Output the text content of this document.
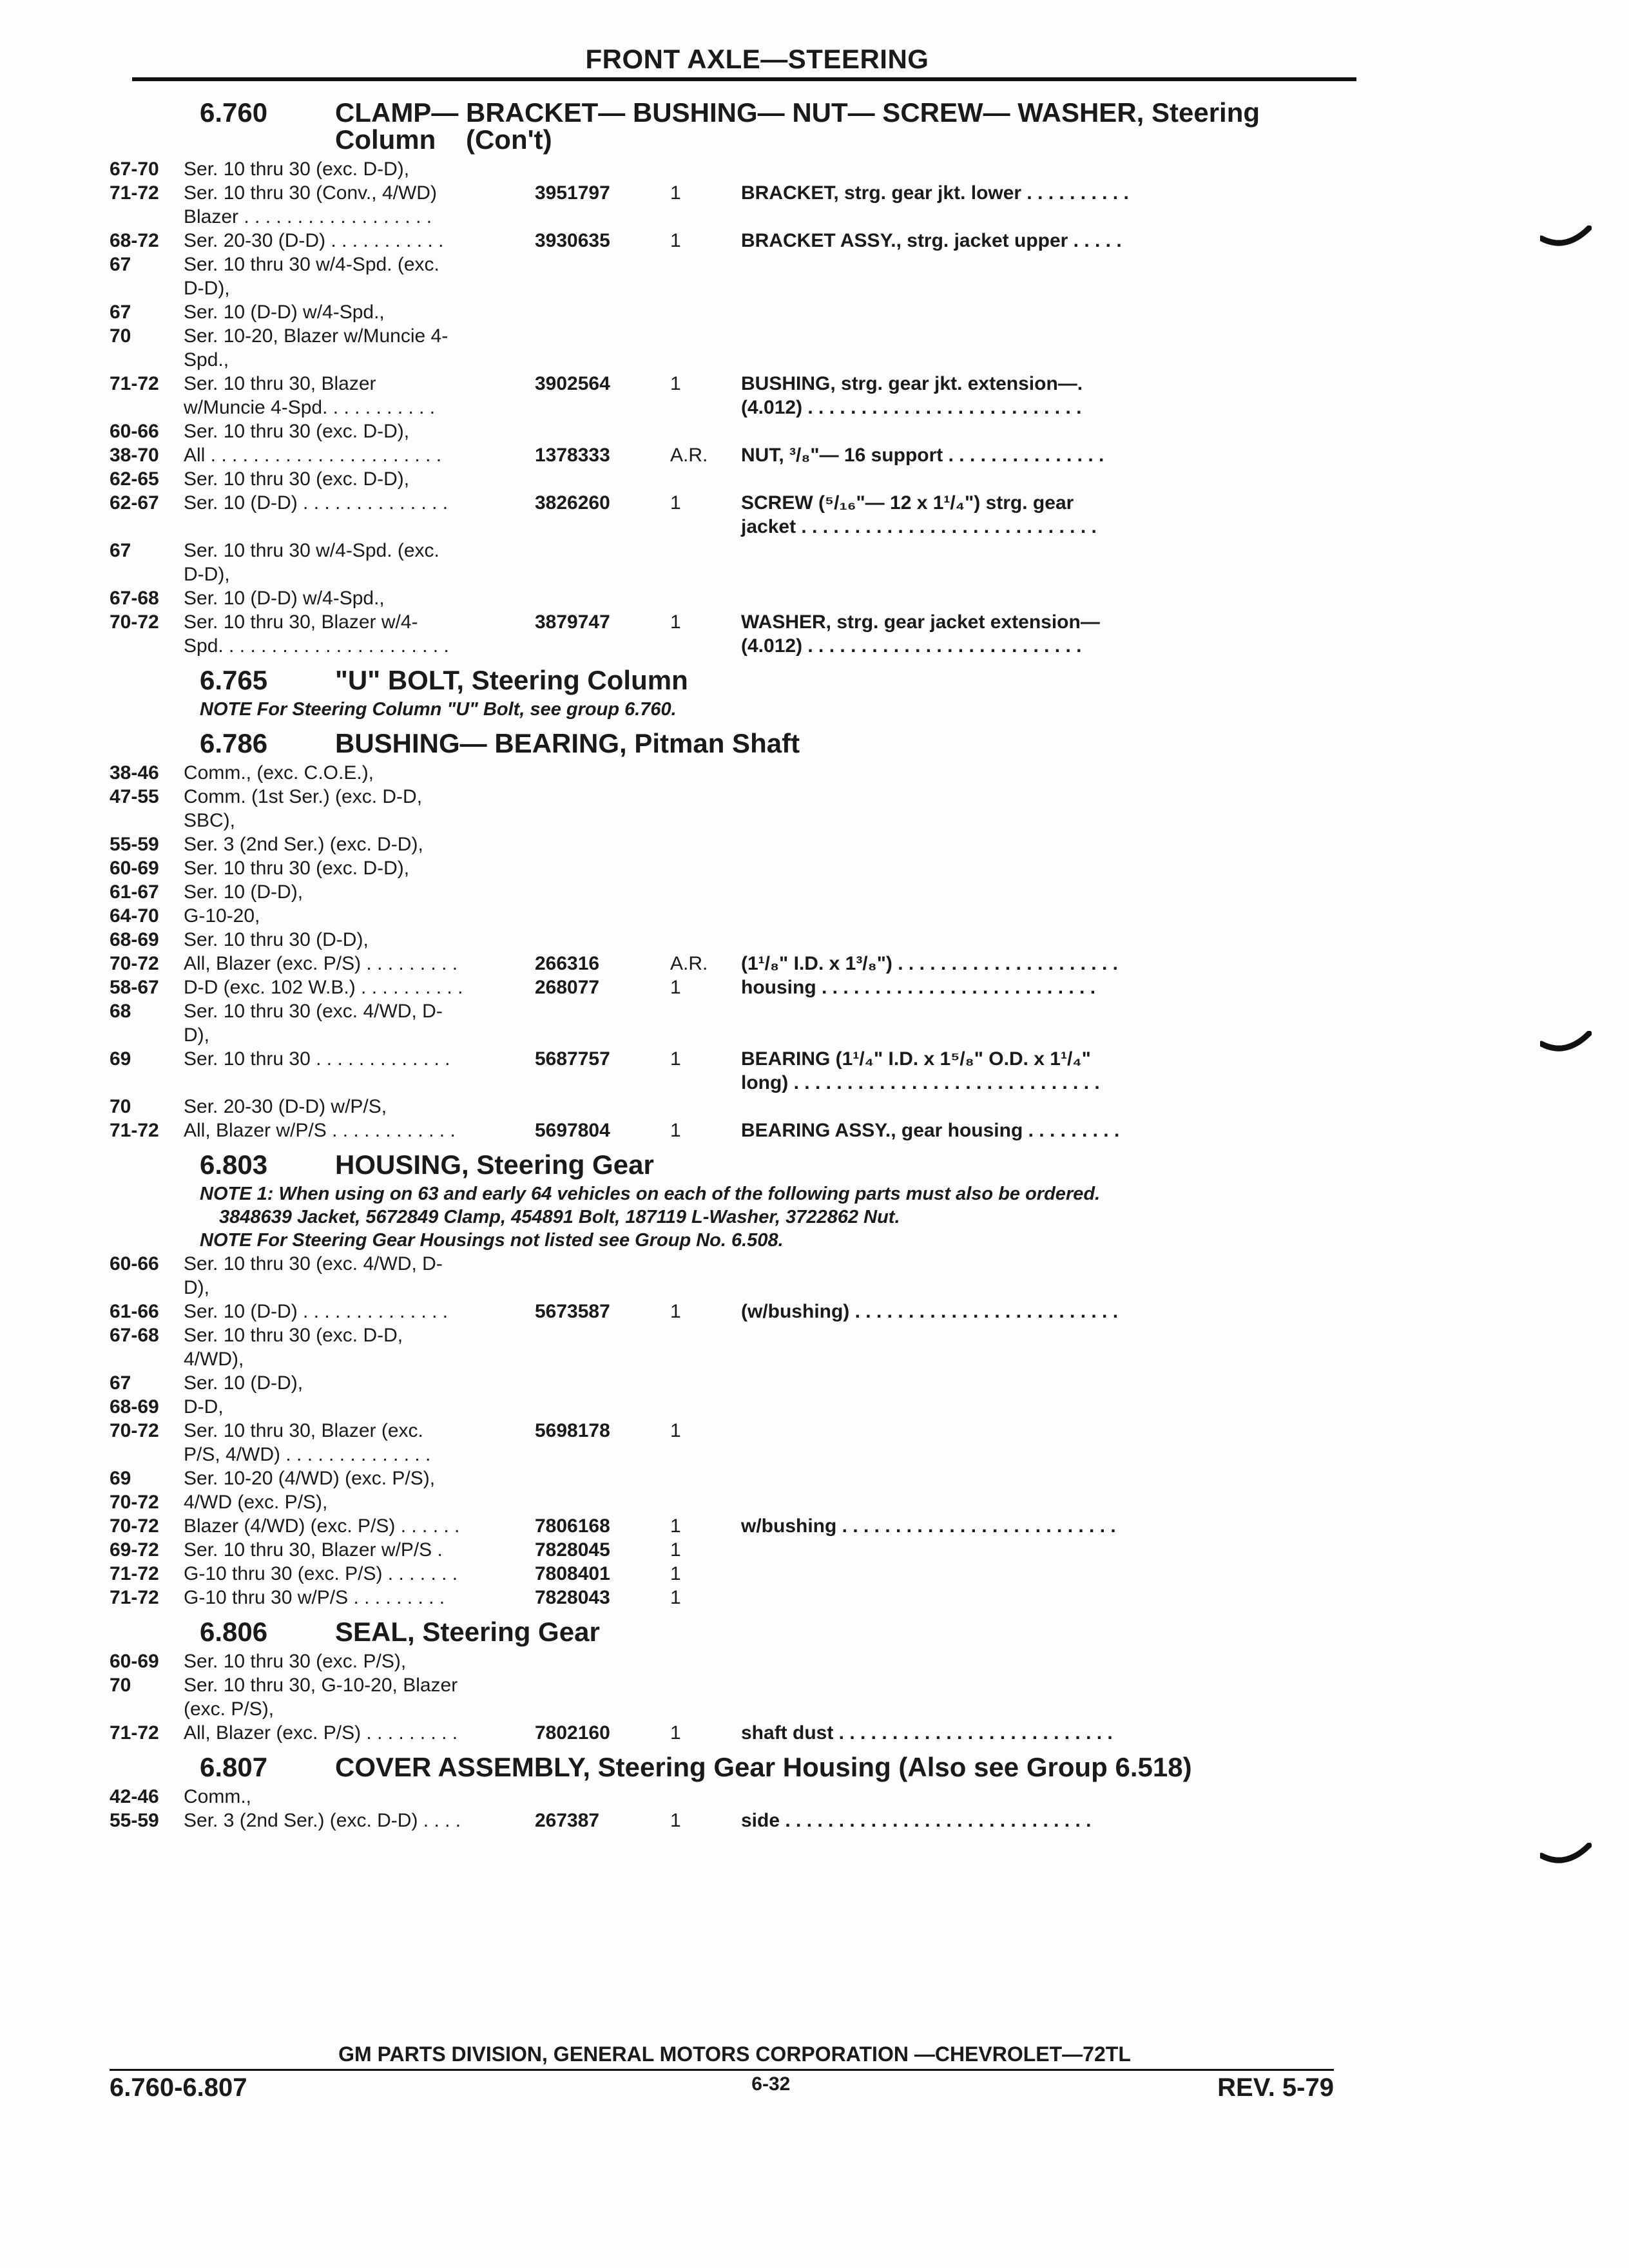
FRONT AXLE—STEERING
6.760	CLAMP— BRACKET— BUSHING— NUT— SCREW— WASHER, Steering
Column    (Con't)
67-70	Ser. 10 thru 30 (exc. D-D),
71-72	Ser. 10 thru 30 (Conv., 4/WD)
Blazer . . . . . . . . . . . . . . . . . .
3951797	1	BRACKET, strg. gear jkt. lower . . . . . . . . . .
68-72	Ser. 20-30 (D-D) . . . . . . . . . . .	3930635	1	BRACKET ASSY., strg. jacket upper . . . . .
67	Ser. 10 thru 30 w/4-Spd. (exc.
D-D),
67	Ser. 10 (D-D) w/4-Spd.,
70	Ser. 10-20, Blazer w/Muncie 4-
Spd.,
71-72	Ser. 10 thru 30, Blazer
w/Muncie 4-Spd. . . . . . . . . . .
3902564	1	BUSHING, strg. gear jkt. extension—.
(4.012) . . . . . . . . . . . . . . . . . . . . . . . . . .
60-66	Ser. 10 thru 30 (exc. D-D),
38-70	All . . . . . . . . . . . . . . . . . . . . . .	1378333	A.R.	NUT, ³/₈"— 16 support . . . . . . . . . . . . . . .
62-65	Ser. 10 thru 30 (exc. D-D),
62-67	Ser. 10 (D-D) . . . . . . . . . . . . . .	3826260	1	SCREW (⁵/₁₆"— 12 x 1¹/₄") strg. gear
jacket . . . . . . . . . . . . . . . . . . . . . . . . . . . .
67	Ser. 10 thru 30 w/4-Spd. (exc.
D-D),
67-68	Ser. 10 (D-D) w/4-Spd.,
70-72	Ser. 10 thru 30, Blazer w/4-
Spd. . . . . . . . . . . . . . . . . . . . . .
3879747	1	WASHER, strg. gear jacket extension—
(4.012) . . . . . . . . . . . . . . . . . . . . . . . . . .
6.765	"U" BOLT, Steering Column
NOTE For Steering Column "U" Bolt, see group 6.760.
6.786	BUSHING— BEARING, Pitman Shaft
38-46	Comm., (exc. C.O.E.),
47-55	Comm. (1st Ser.) (exc. D-D,
SBC),
55-59	Ser. 3 (2nd Ser.) (exc. D-D),
60-69	Ser. 10 thru 30 (exc. D-D),
61-67	Ser. 10 (D-D),
64-70	G-10-20,
68-69	Ser. 10 thru 30 (D-D),
70-72	All, Blazer (exc. P/S) . . . . . . . . .	266316	A.R.	(1¹/₈" I.D. x 1³/₈") . . . . . . . . . . . . . . . . . . . . .
58-67	D-D (exc. 102 W.B.) . . . . . . . . . .	268077	1	housing . . . . . . . . . . . . . . . . . . . . . . . . . .
68	Ser. 10 thru 30 (exc. 4/WD, D-
D),
69	Ser. 10 thru 30 . . . . . . . . . . . . .	5687757	1	BEARING (1¹/₄" I.D. x 1⁵/₈" O.D. x 1¹/₄"
long) . . . . . . . . . . . . . . . . . . . . . . . . . . . . .
70	Ser. 20-30 (D-D) w/P/S,
71-72	All, Blazer w/P/S . . . . . . . . . . . .	5697804	1	BEARING ASSY., gear housing . . . . . . . . .
6.803	HOUSING, Steering Gear
NOTE 1: When using on 63 and early 64 vehicles on each of the following parts must also be ordered.
3848639 Jacket, 5672849 Clamp, 454891 Bolt, 187119 L-Washer, 3722862 Nut.
NOTE For Steering Gear Housings not listed see Group No. 6.508.
60-66	Ser. 10 thru 30 (exc. 4/WD, D-
D),
61-66	Ser. 10 (D-D) . . . . . . . . . . . . . .	5673587	1	(w/bushing) . . . . . . . . . . . . . . . . . . . . . . . . .
67-68	Ser. 10 thru 30 (exc. D-D,
4/WD),
67	Ser. 10 (D-D),
68-69	D-D,
70-72	Ser. 10 thru 30, Blazer (exc.
P/S, 4/WD) . . . . . . . . . . . . . .
5698178	1
69	Ser. 10-20 (4/WD) (exc. P/S),
70-72	4/WD (exc. P/S),
70-72	Blazer (4/WD) (exc. P/S) . . . . . .	7806168	1	w/bushing . . . . . . . . . . . . . . . . . . . . . . . . . .
69-72	Ser. 10 thru 30, Blazer w/P/S .	7828045	1
71-72	G-10 thru 30 (exc. P/S) . . . . . . .	7808401	1
71-72	G-10 thru 30 w/P/S . . . . . . . . .	7828043	1
6.806	SEAL, Steering Gear
60-69	Ser. 10 thru 30 (exc. P/S),
70	Ser. 10 thru 30, G-10-20, Blazer
(exc. P/S),
71-72	All, Blazer (exc. P/S) . . . . . . . . .	7802160	1	shaft dust . . . . . . . . . . . . . . . . . . . . . . . . . .
6.807	COVER ASSEMBLY, Steering Gear Housing (Also see Group 6.518)
42-46	Comm.,
55-59	Ser. 3 (2nd Ser.) (exc. D-D) . . . .	267387	1	side . . . . . . . . . . . . . . . . . . . . . . . . . . . . .
GM PARTS DIVISION, GENERAL MOTORS CORPORATION —CHEVROLET—72TL
6.760-6.807	6-32	REV. 5-79
